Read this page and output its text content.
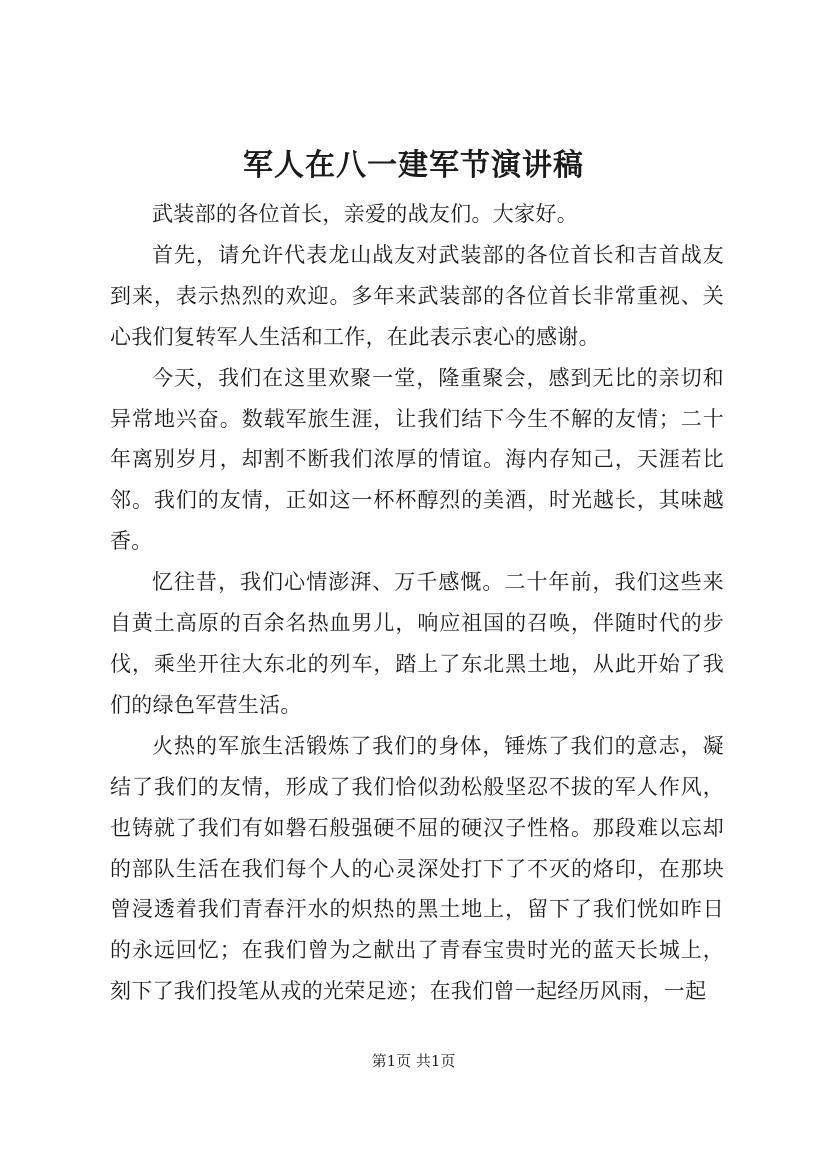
军人在八一建军节演讲稿

武装部的各位首长，亲爱的战友们。大家好。

首先，请允许代表龙山战友对武装部的各位首长和吉首战友到来，表示热烈的欢迎。多年来武装部的各位首长非常重视、关心我们复转军人生活和工作，在此表示衷心的感谢。

今天，我们在这里欢聚一堂，隆重聚会，感到无比的亲切和异常地兴奋。数载军旅生涯，让我们结下今生不解的友情；二十年离别岁月，却割不断我们浓厚的情谊。海内存知己，天涯若比邻。我们的友情，正如这一杯杯醇烈的美酒，时光越长，其味越香。

忆往昔，我们心情澎湃、万千感慨。二十年前，我们这些来自黄土高原的百余名热血男儿，响应祖国的召唤，伴随时代的步伐，乘坐开往大东北的列车，踏上了东北黑土地，从此开始了我们的绿色军营生活。

火热的军旅生活锻炼了我们的身体，锤炼了我们的意志，凝结了我们的友情，形成了我们恰似劲松般坚忍不拔的军人作风，也铸就了我们有如磐石般强硬不屈的硬汉子性格。那段难以忘却的部队生活在我们每个人的心灵深处打下了不灭的烙印，在那块曾浸透着我们青春汗水的炽热的黑土地上，留下了我们恍如昨日的永远回忆；在我们曾为之献出了青春宝贵时光的蓝天长城上，刻下了我们投笔从戎的光荣足迹；在我们曾一起经历风雨，一起

第1页 共1页
